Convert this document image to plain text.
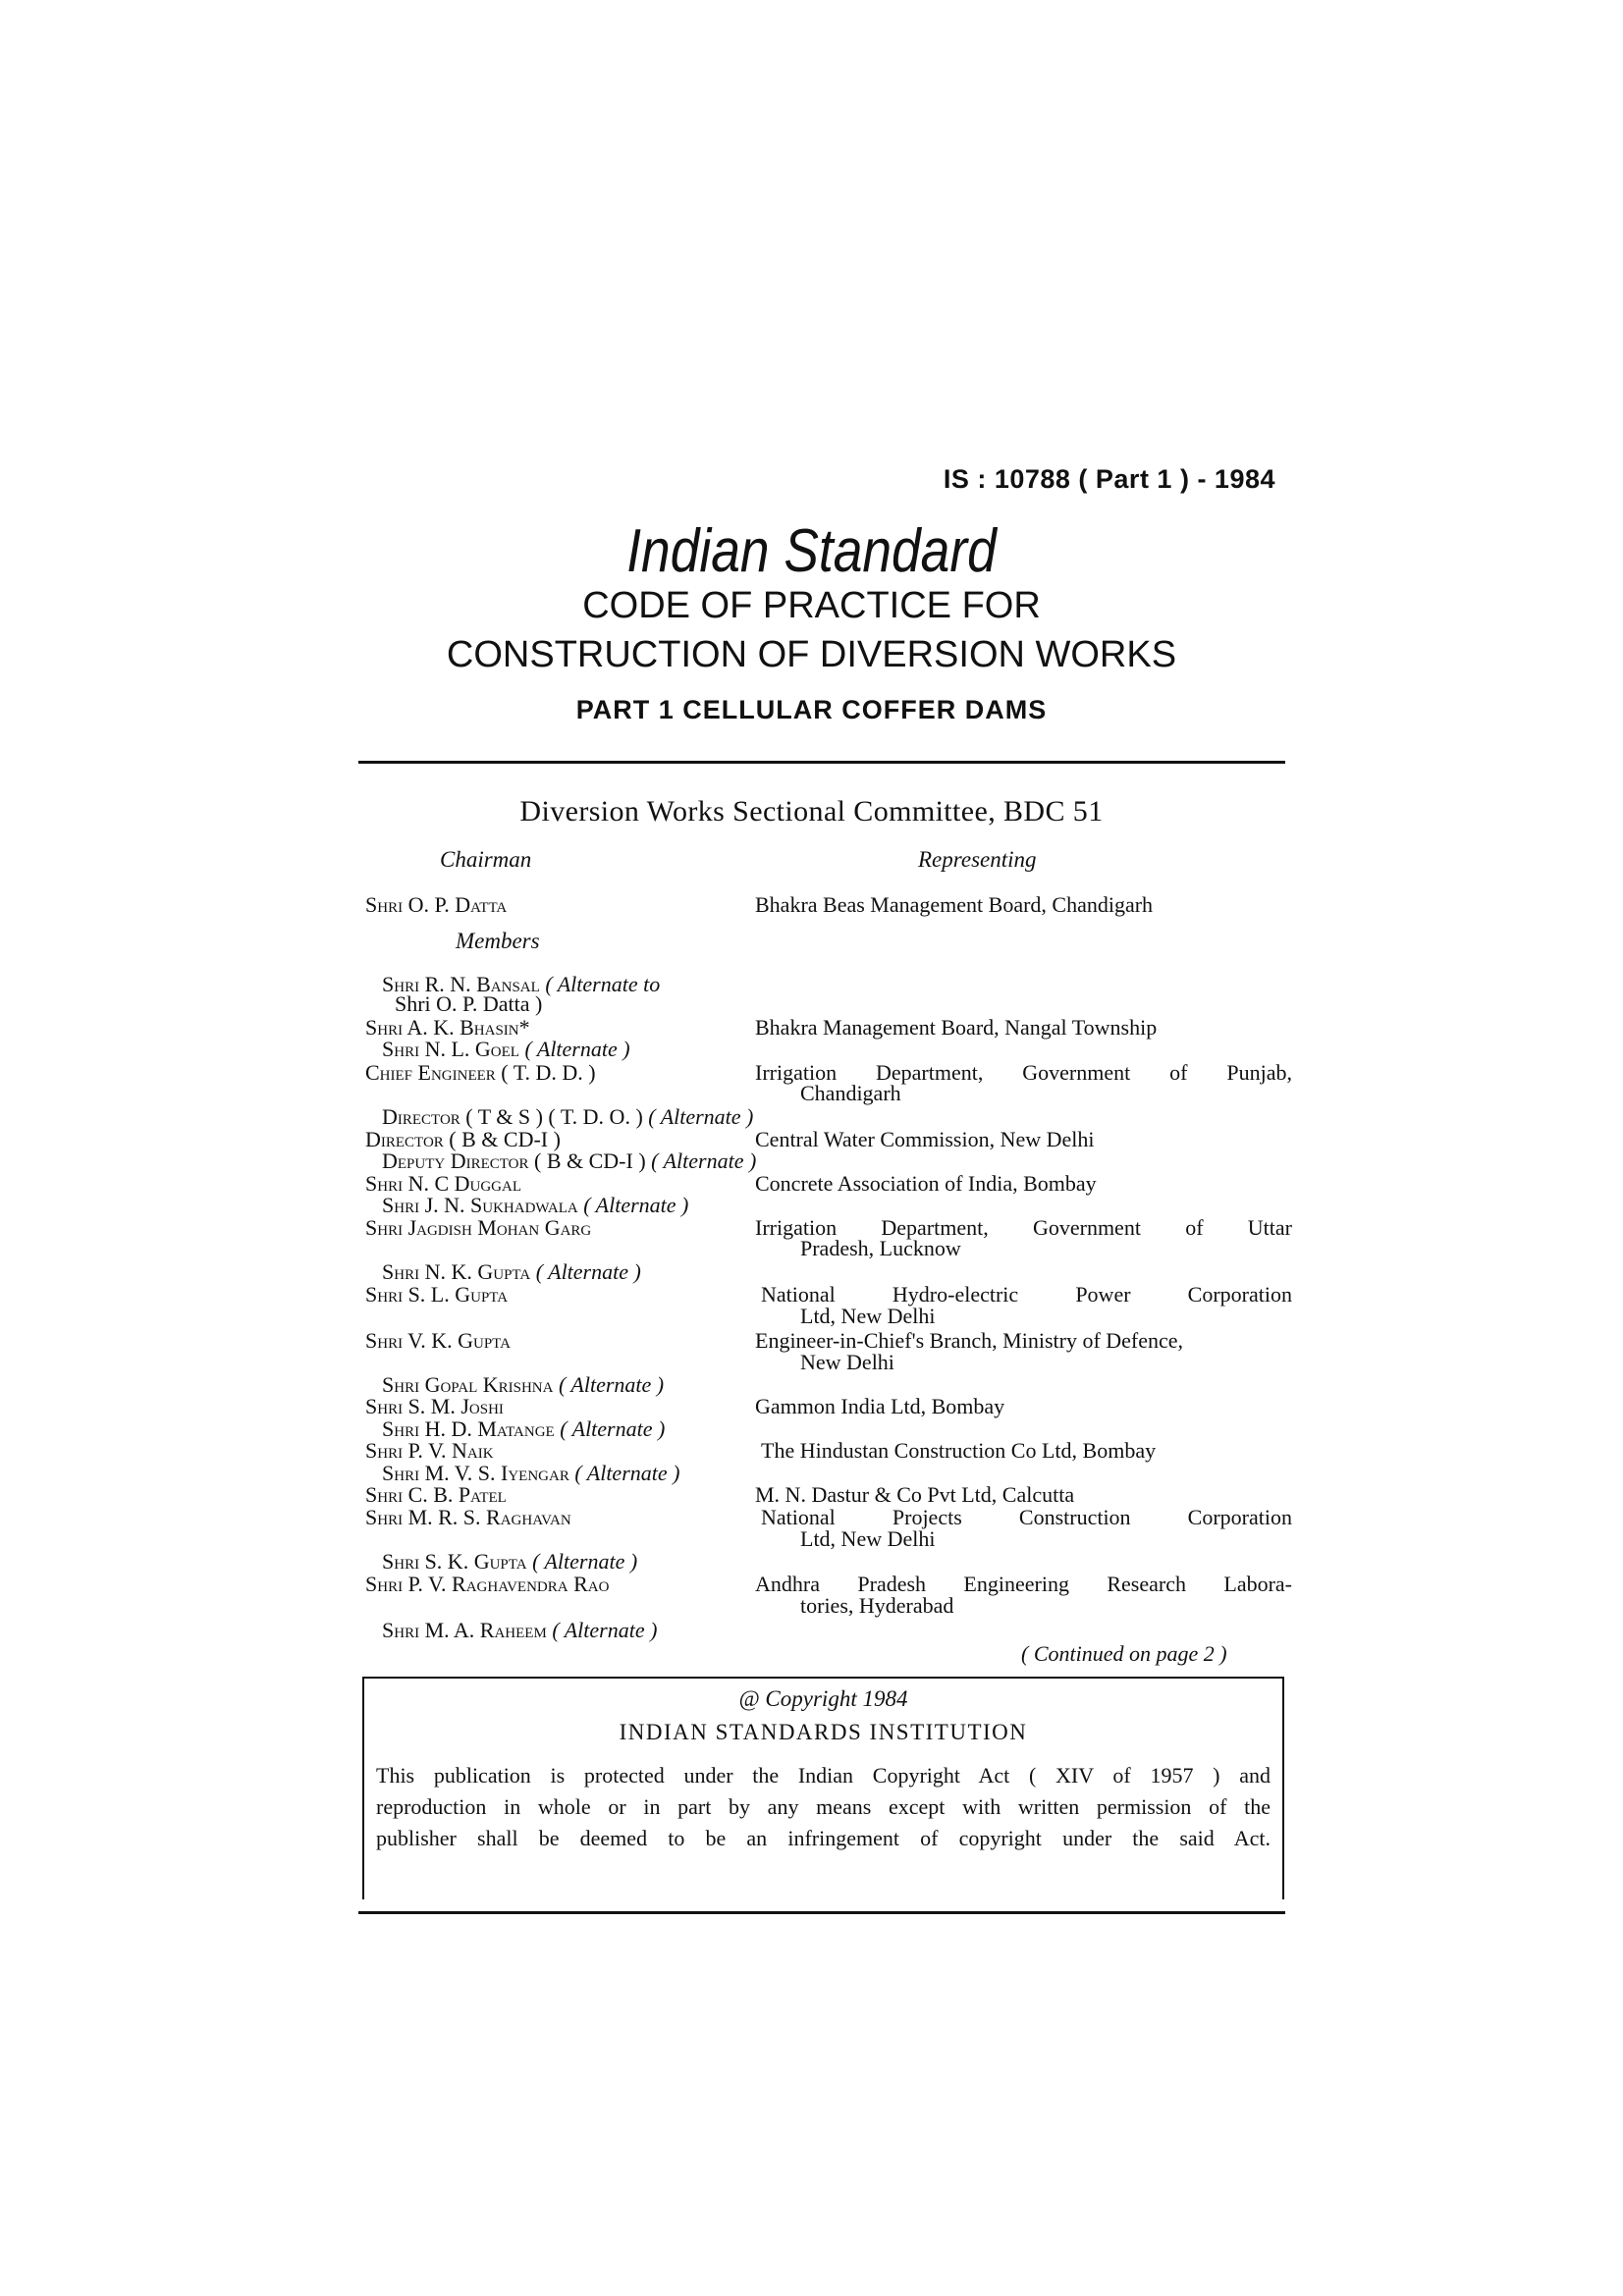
IS : 10788 ( Part 1 ) - 1984
Indian Standard
CODE OF PRACTICE FOR
CONSTRUCTION OF DIVERSION WORKS
PART 1 CELLULAR COFFER DAMS
Diversion Works Sectional Committee, BDC 51
Chairman	Representing
Shri O. P. Datta	Bhakra Beas Management Board, Chandigarh
Members
Shri R. N. Bansal ( Alternate to
Shri O. P. Datta )
Shri A. K. Bhasin*	Bhakra Management Board, Nangal Township
Shri N. L. Goel ( Alternate )
Chief Engineer ( T. D. D. )	Irrigation Department, Government of Punjab,
Chandigarh
Director ( T & S ) ( T. D. O. ) ( Alternate )
Director ( B & CD-I )	Central Water Commission, New Delhi
Deputy Director ( B & CD-I ) ( Alternate )
Shri N. C Duggal	Concrete Association of India, Bombay
Shri J. N. Sukhadwala ( Alternate )
Shri Jagdish Mohan Garg	Irrigation Department, Government of Uttar
Pradesh, Lucknow
Shri N. K. Gupta ( Alternate )
Shri S. L. Gupta	National Hydro-electric Power Corporation
Ltd, New Delhi
Shri V. K. Gupta	Engineer-in-Chief's Branch, Ministry of Defence,
New Delhi
Shri Gopal Krishna ( Alternate )
Shri S. M. Joshi	Gammon India Ltd, Bombay
Shri H. D. Matange ( Alternate )
Shri P. V. Naik	The Hindustan Construction Co Ltd, Bombay
Shri M. V. S. Iyengar ( Alternate )
Shri C. B. Patel	M. N. Dastur & Co Pvt Ltd, Calcutta
Shri M. R. S. Raghavan	National Projects Construction Corporation
Ltd, New Delhi
Shri S. K. Gupta ( Alternate )
Shri P. V. Raghavendra Rao	Andhra Pradesh Engineering Research Labora-
tories, Hyderabad
Shri M. A. Raheem ( Alternate )
( Continued on page 2 )
@ Copyright 1984
INDIAN STANDARDS INSTITUTION
This publication is protected under the Indian Copyright Act ( XIV of 1957 ) and
reproduction in whole or in part by any means except with written permission of the
publisher shall be deemed to be an infringement of copyright under the said Act.
